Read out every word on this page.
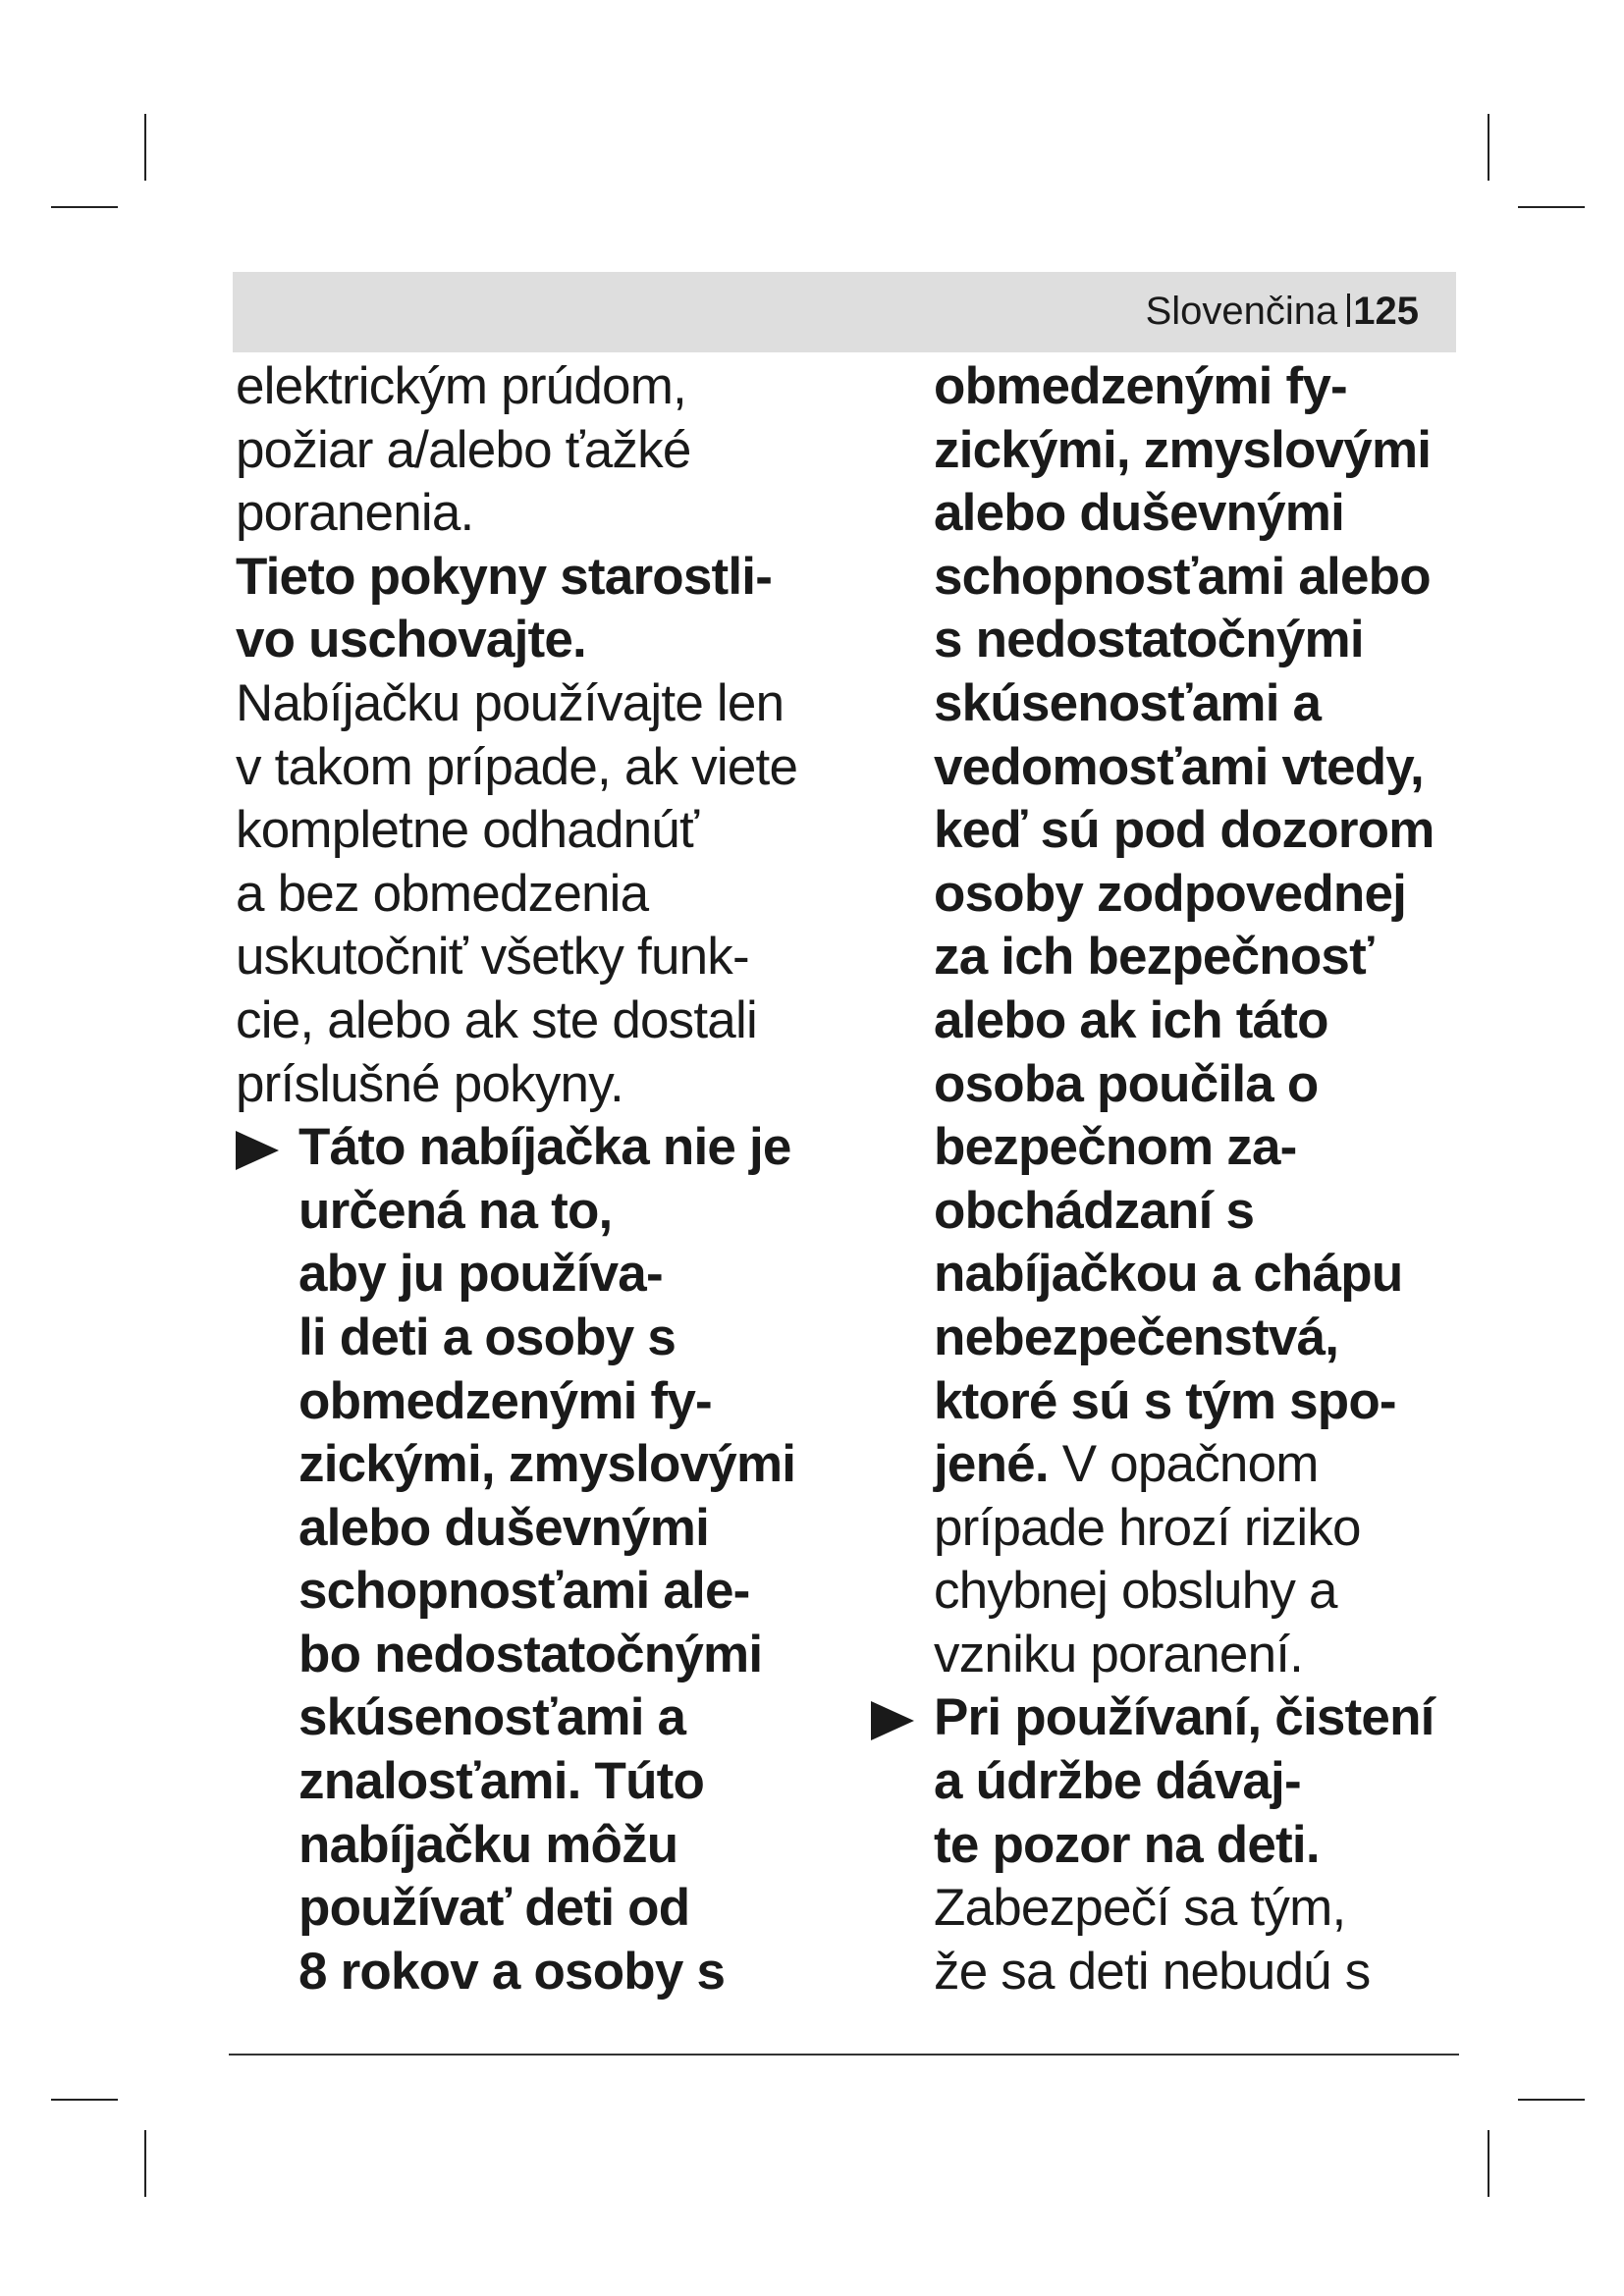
Slovenčina 125
elektrickým prúdom,
požiar a/alebo ťažké
poranenia.
Tieto pokyny starostli-
vo uschovajte.
Nabíjačku používajte len
v takom prípade, ak viete
kompletne odhadnúť
a bez obmedzenia
uskutočniť všetky funk-
cie, alebo ak ste dostali
príslušné pokyny.
Táto nabíjačka nie je
určená na to,
aby ju používa-
li deti a osoby s
obmedzenými fy-
zickými, zmyslovými
alebo duševnými
schopnosťami ale-
bo nedostatočnými
skúsenosťami a
znalosťami. Túto
nabíjačku môžu
používať deti od
8 rokov a osoby s
obmedzenými fy-
zickými, zmyslovými
alebo duševnými
schopnosťami alebo
s nedostatočnými
skúsenosťami a
vedomosťami vtedy,
keď sú pod dozorom
osoby zodpovednej
za ich bezpečnosť
alebo ak ich táto
osoba poučila o
bezpečnom za-
obchádzaní s
nabíjačkou a chápu
nebezpečenstvá,
ktoré sú s tým spo-
jené. V opačnom
prípade hrozí riziko
chybnej obsluhy a
vzniku poranení.
Pri používaní, čistení
a údržbe dávaj-
te pozor na deti.
Zabezpečí sa tým,
že sa deti nebudú s
